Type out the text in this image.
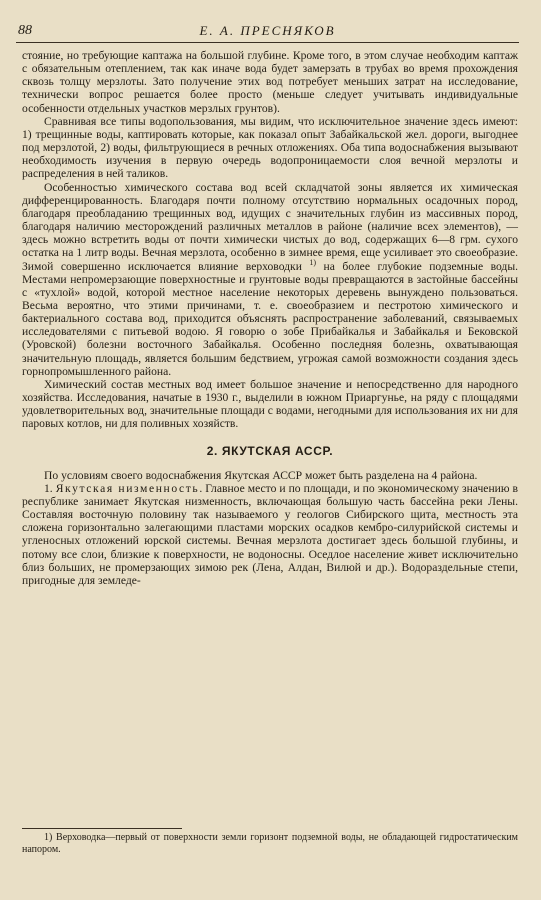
88	Е. А. ПРЕСНЯКОВ

стояние, но требующие каптажа на большой глубине. Кроме того, в этом случае необходим каптаж с обязательным отеплением, так как иначе вода будет замерзать в трубах во время прохождения сквозь толщу мерзлоты. Зато получение этих вод потребует меньших затрат на исследование, технически вопрос решается более просто (меньше следует учитывать индивидуальные особенности отдельных участков мерзлых грунтов).

Сравнивая все типы водопользования, мы видим, что исключительное значение здесь имеют: 1) трещинные воды, каптировать которые, как показал опыт Забайкальской жел. дороги, выгоднее под мерзлотой, 2) воды, фильтрующиеся в речных отложениях. Оба типа водоснабжения вызывают необходимость изучения в первую очередь водопроницаемости слоя вечной мерзлоты и распределения в ней таликов.

Особенностью химического состава вод всей складчатой зоны является их химическая дифференцированность. Благодаря почти полному отсутствию нормальных осадочных пород, благодаря преобладанию трещинных вод, идущих с значительных глубин из массивных пород, благодаря наличию месторождений различных металлов в районе (наличие всех элементов), — здесь можно встретить воды от почти химически чистых до вод, содержащих 6—8 грм. сухого остатка на 1 литр воды. Вечная мерзлота, особенно в зимнее время, еще усиливает это своеобразие. Зимой совершенно исключается влияние верховодки $^{1)}$ на более глубокие подземные воды. Местами непромерзающие поверхностные и грунтовые воды превращаются в застойные бассейны с «тухлой» водой, которой местное население некоторых деревень вынуждено пользоваться. Весьма вероятно, что этими причинами, т. е. своеобразием и пестротою химического и бактериального состава вод, приходится объяснять распространение заболеваний, связываемых исследователями с питьевой водою. Я говорю о зобе Прибайкалья и Забайкалья и Бековской (Уровской) болезни восточного Забайкалья. Особенно последняя болезнь, охватывающая значительную площадь, является большим бедствием, угрожая самой возможности создания здесь горнопромышленного района.

Химический состав местных вод имеет большое значение и непосредственно для народного хозяйства. Исследования, начатые в 1930 г., выделили в южном Приаргунье, на ряду с площадями удовлетворительных вод, значительные площади с водами, негодными для использования их ни для паровых котлов, ни для поливных хозяйств.

2. ЯКУТСКАЯ АССР.

По условиям своего водоснабжения Якутская АССР может быть разделена на 4 района.

1. Якутская низменность. Главное место и по площади, и по экономическому значению в республике занимает Якутская низменность, включающая большую часть бассейна реки Лены. Составляя восточную половину так называемого у геологов Сибирского щита, местность эта сложена горизонтально залегающими пластами морских осадков кембро-силурийской системы и угленосных отложений юрской системы. Вечная мерзлота достигает здесь большой глубины, и потому все слои, близкие к поверхности, не водоносны. Оседлое население живет исключительно близ больших, не промерзающих зимою рек (Лена, Алдан, Вилюй и др.). Водораздельные степи, пригодные для земледе-

1) Верховодка—первый от поверхности земли горизонт подземной воды, не обладающей гидростатическим напором.
